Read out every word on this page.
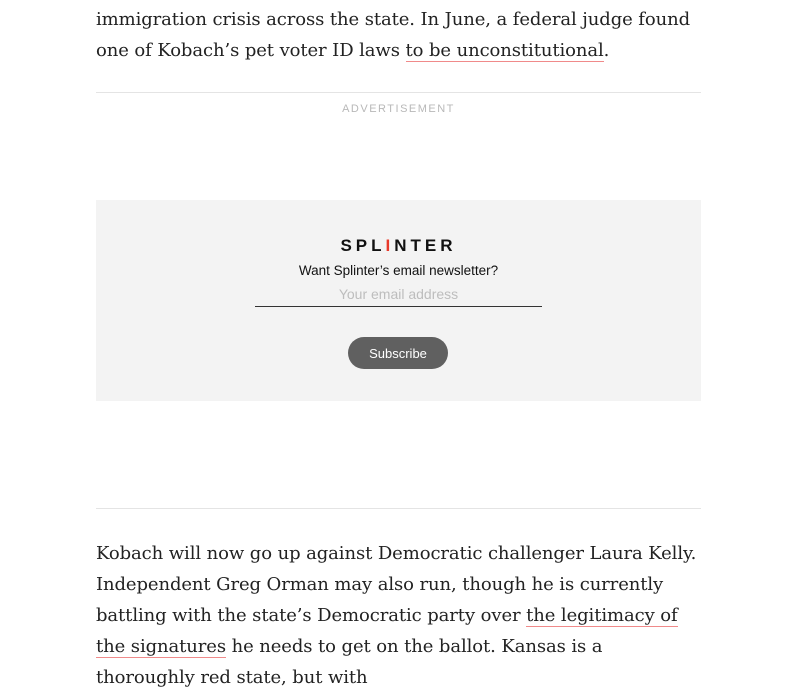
immigration crisis across the state. In June, a federal judge found one of Kobach’s pet voter ID laws to be unconstitutional.

ADVERTISEMENT
SPLINTER
Want Splinter’s email newsletter?
Your email address
Subscribe

Kobach will now go up against Democratic challenger Laura Kelly. Independent Greg Orman may also run, though he is currently battling with the state’s Democratic party over the legitimacy of the signatures he needs to get on the ballot. Kansas is a thoroughly red state, but with
